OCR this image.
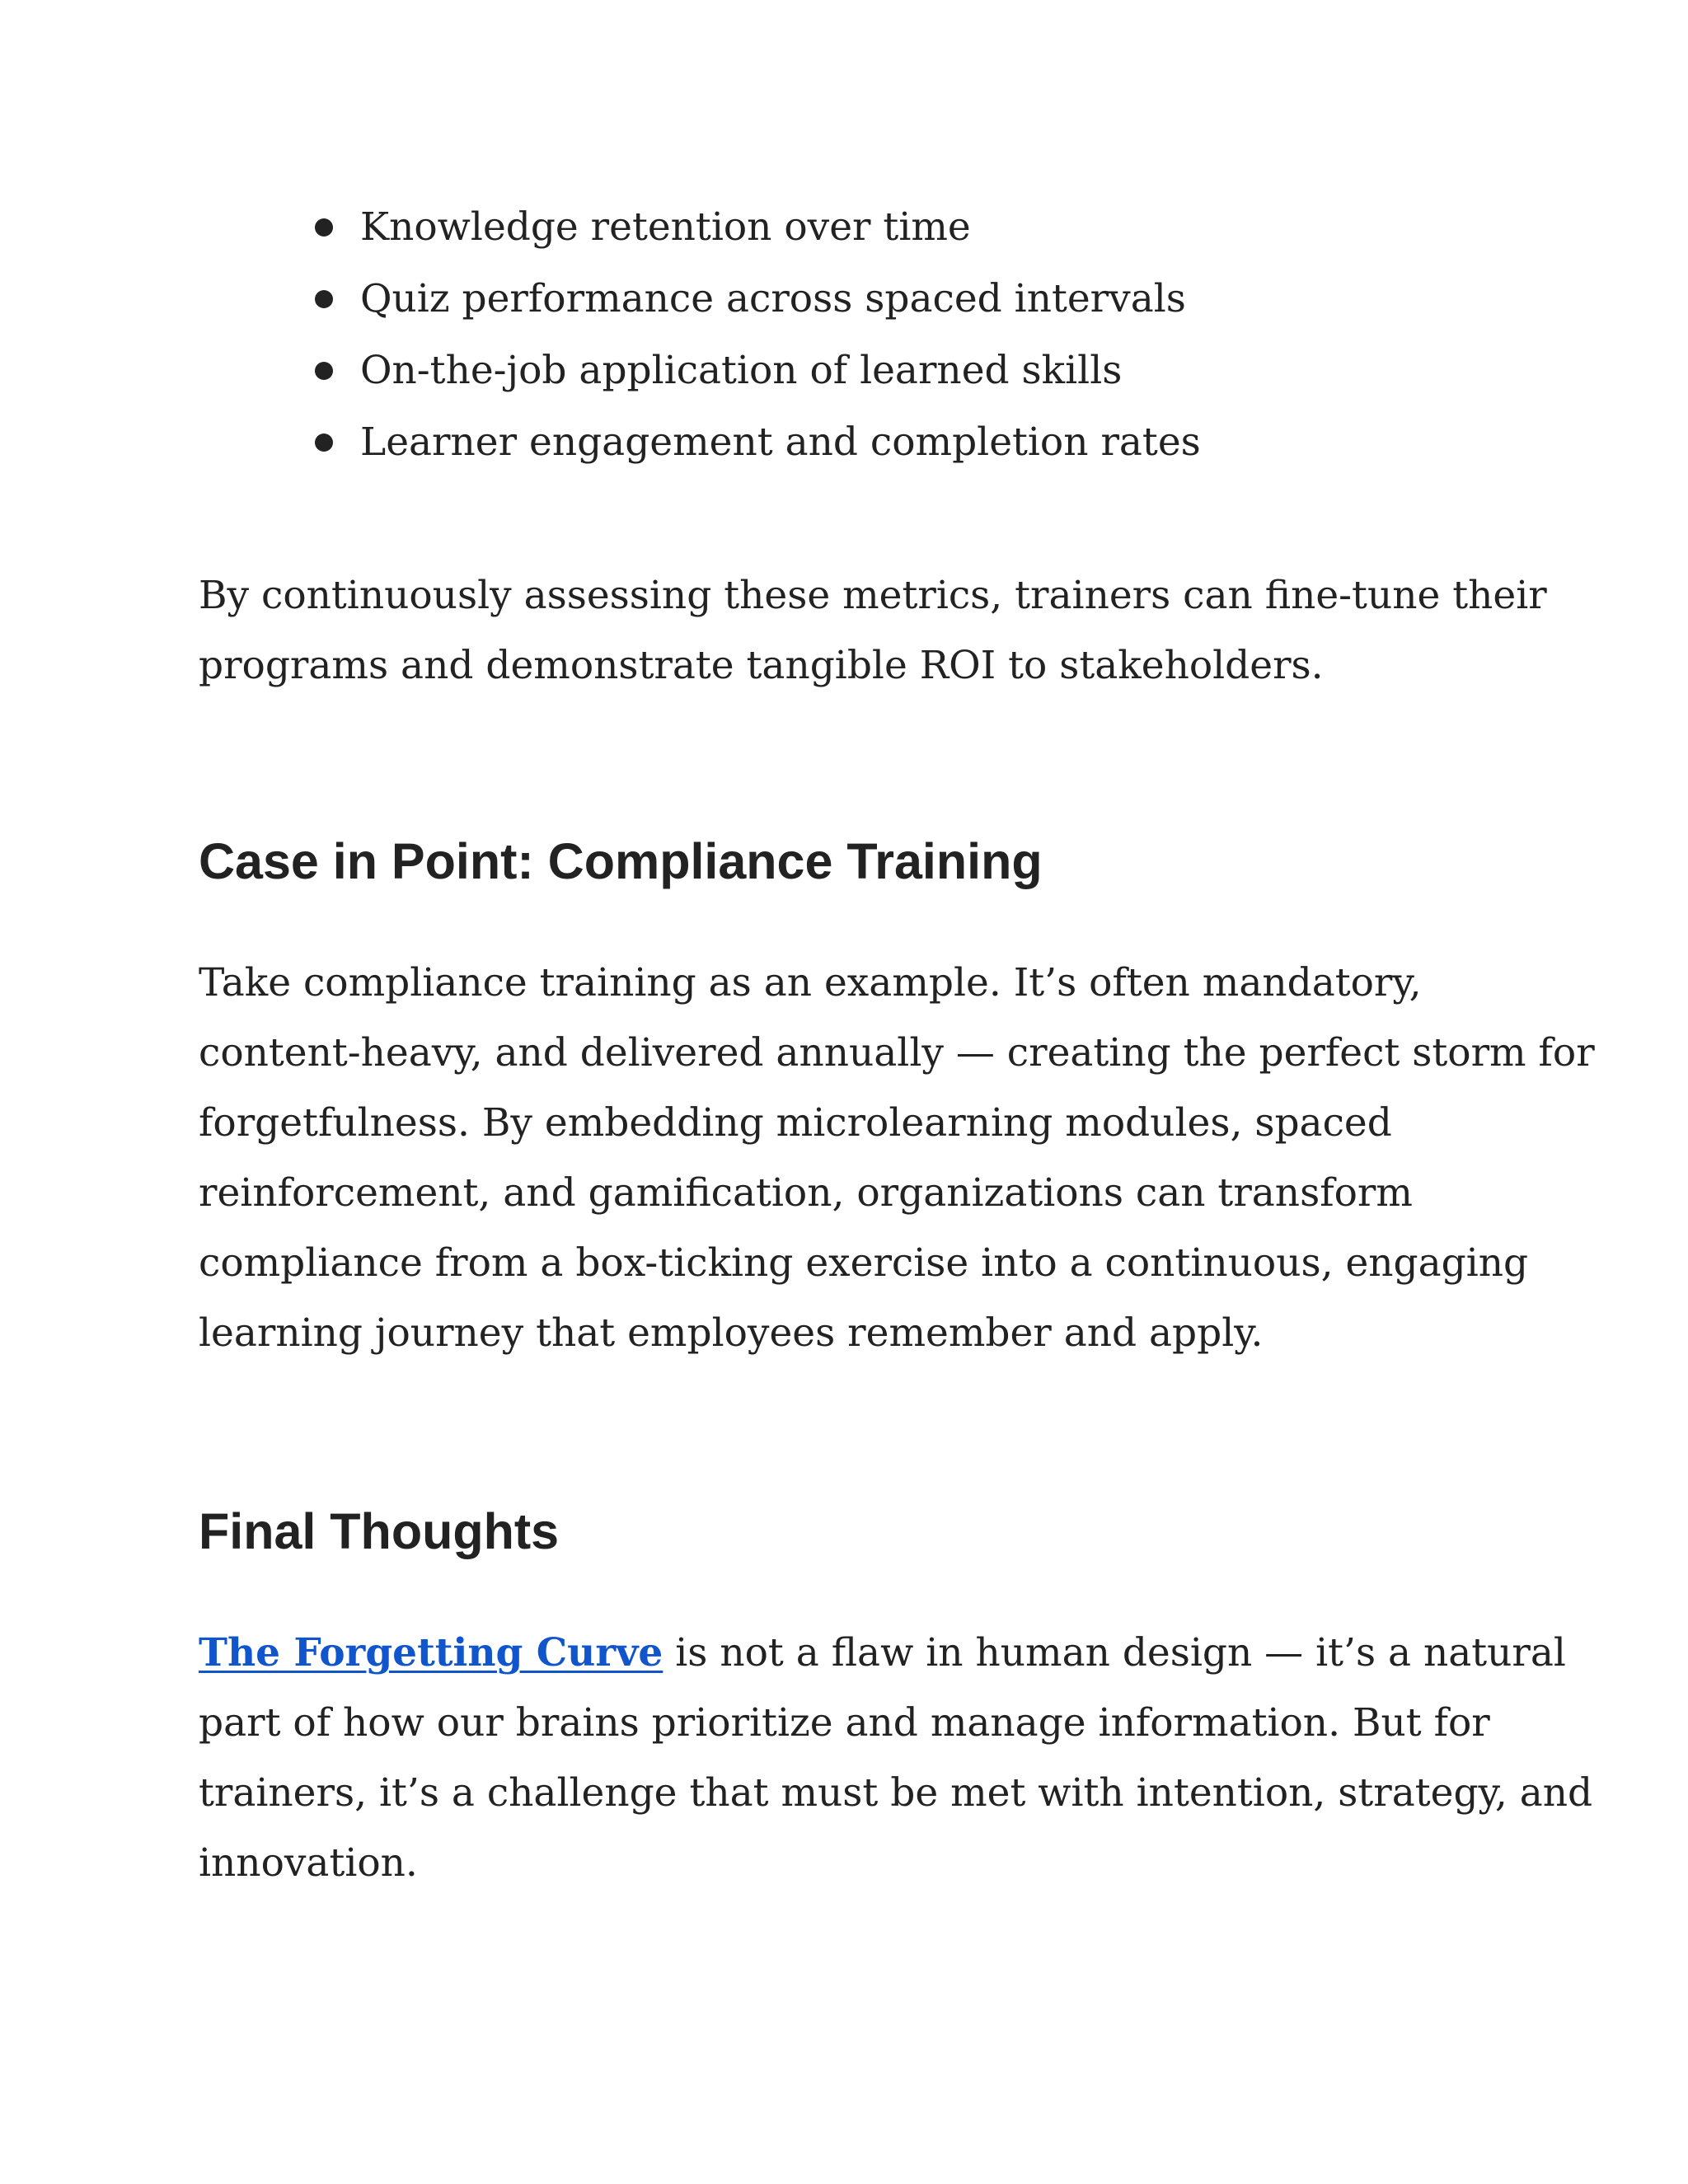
Knowledge retention over time
Quiz performance across spaced intervals
On-the-job application of learned skills
Learner engagement and completion rates

By continuously assessing these metrics, trainers can fine-tune their
programs and demonstrate tangible ROI to stakeholders.

Case in Point: Compliance Training

Take compliance training as an example. It’s often mandatory,
content-heavy, and delivered annually — creating the perfect storm for
forgetfulness. By embedding microlearning modules, spaced
reinforcement, and gamification, organizations can transform
compliance from a box-ticking exercise into a continuous, engaging
learning journey that employees remember and apply.

Final Thoughts

The Forgetting Curve is not a flaw in human design — it’s a natural
part of how our brains prioritize and manage information. But for
trainers, it’s a challenge that must be met with intention, strategy, and
innovation.
